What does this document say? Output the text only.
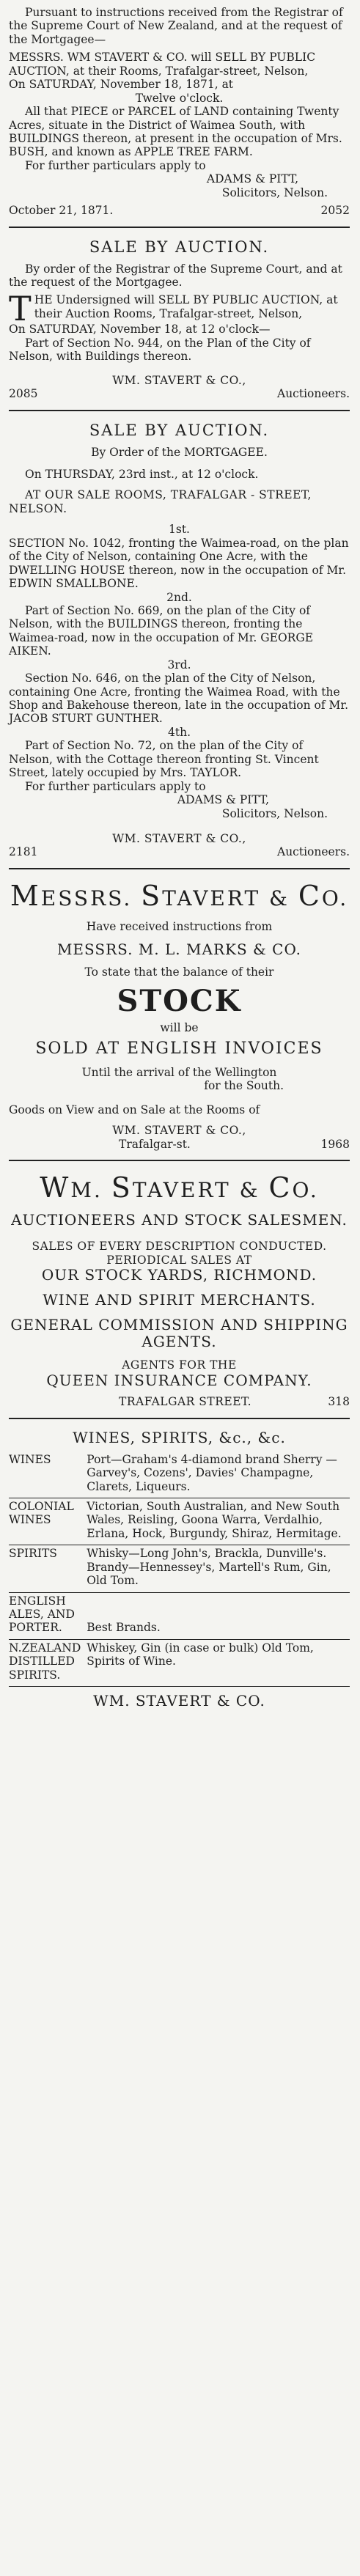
Pursuant to instructions received from the Registrar of the Supreme Court of New Zealand, and at the request of the Mortgagee—

MESSRS. WM STAVERT & CO. will SELL BY PUBLIC AUCTION, at their Rooms, Trafalgar-street, Nelson,

On SATURDAY, November 18, 1871, at

Twelve o'clock.

All that PIECE or PARCEL of LAND containing Twenty Acres, situate in the District of Waimea South, with BUILDINGS thereon, at present in the occupation of Mrs. BUSH, and known as APPLE TREE FARM.

For further particulars apply to

ADAMS & PITT,

Solicitors, Nelson.

October 21, 1871.	2052
SALE BY AUCTION.

By order of the Registrar of the Supreme Court, and at the request of the Mortgagee.

THE Undersigned will SELL BY PUBLIC AUCTION, at their Auction Rooms, Trafalgar-street, Nelson,

On SATURDAY, November 18, at 12 o'clock—

Part of Section No. 944, on the Plan of the City of Nelson, with Buildings thereon.

WM. STAVERT & CO.,

2085	Auctioneers.
SALE BY AUCTION.

By Order of the MORTGAGEE.

On THURSDAY, 23rd inst., at 12 o'clock.

AT OUR SALE ROOMS, TRAFALGAR - STREET, NELSON.

1st.

SECTION No. 1042, fronting the Waimea-road, on the plan of the City of Nelson, containing One Acre, with the DWELLING HOUSE thereon, now in the occupation of Mr. EDWIN SMALLBONE.

2nd.

Part of Section No. 669, on the plan of the City of Nelson, with the BUILDINGS thereon, fronting the Waimea-road, now in the occupation of Mr. GEORGE AIKEN.

3rd.

Section No. 646, on the plan of the City of Nelson, containing One Acre, fronting the Waimea Road, with the Shop and Bakehouse thereon, late in the occupation of Mr. JACOB STURT GUNTHER.

4th.

Part of Section No. 72, on the plan of the City of Nelson, with the Cottage thereon fronting St. Vincent Street, lately occupied by Mrs. TAYLOR.

For further particulars apply to

ADAMS & PITT,

Solicitors, Nelson.

WM. STAVERT & CO.,

2181	Auctioneers.
MESSRS. STAVERT & CO.

Have received instructions from

MESSRS. M. L. MARKS & CO.

To state that the balance of their

STOCK

will be

SOLD AT ENGLISH INVOICES

Until the arrival of the Wellington

for the South.

Goods on View and on Sale at the Rooms of

WM. STAVERT & CO.,

Trafalgar-st.	1968
WM. STAVERT & CO.

AUCTIONEERS AND STOCK SALESMEN.

SALES OF EVERY DESCRIPTION CONDUCTED.

PERIODICAL SALES AT

OUR STOCK YARDS, RICHMOND.

WINE AND SPIRIT MERCHANTS.

GENERAL COMMISSION AND SHIPPING AGENTS.

AGENTS FOR THE

QUEEN INSURANCE COMPANY.

TRAFALGAR STREET.	318
WINES, SPIRITS, &c., &c.
WINES	Port—Graham's 4-diamond brand Sherry — Garvey's, Cozens', Davies' Champagne, Clarets, Liqueurs.
COLONIAL WINES	Victorian, South Australian, and New South Wales, Reisling, Goona Warra, Verdalhio, Erlana, Hock, Burgundy, Shiraz, Hermitage.
SPIRITS	Whisky—Long John's, Brackla, Dunville's. Brandy—Hennessey's, Martell's Rum, Gin, Old Tom.
ENGLISH ALES, AND PORTER.	Best Brands.
N.ZEALAND DISTILLED SPIRITS.	Whiskey, Gin (in case or bulk) Old Tom, Spirits of Wine.

WM. STAVERT & CO.
